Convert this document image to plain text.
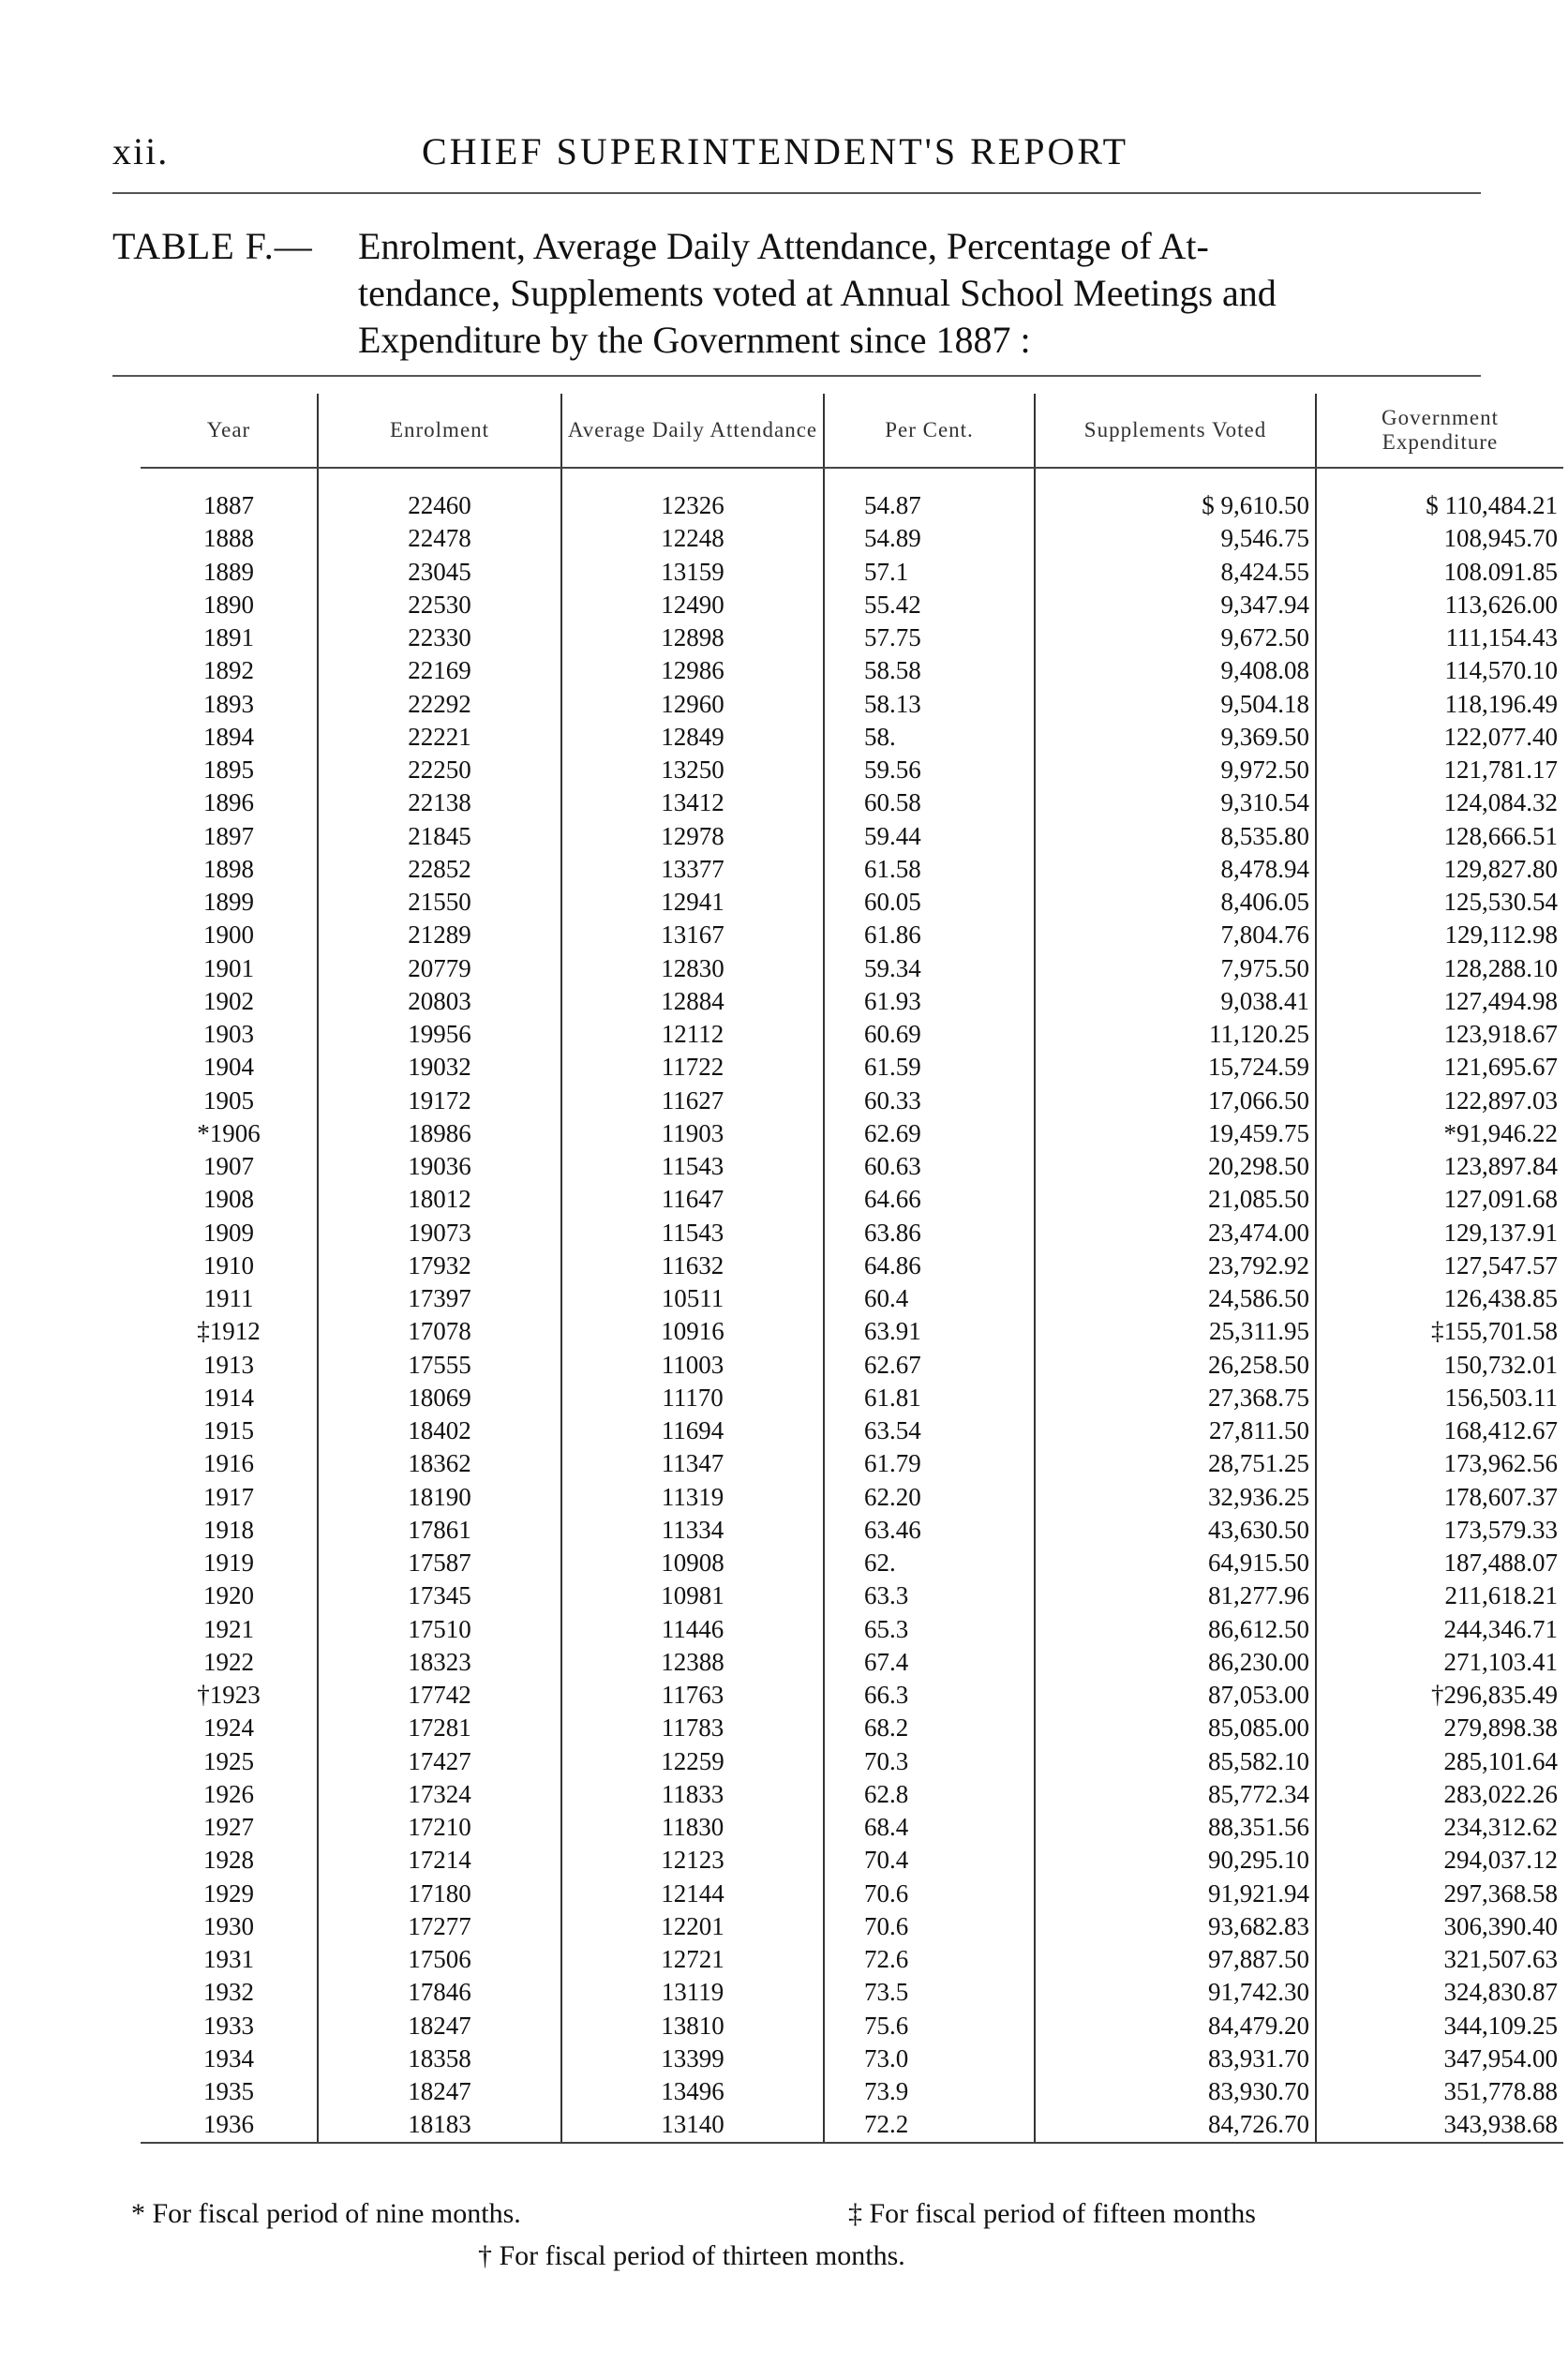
xii.	CHIEF SUPERINTENDENT'S REPORT
TABLE F.— Enrolment, Average Daily Attendance, Percentage of At-
tendance, Supplements voted at Annual School Meetings and
Expenditure by the Government since 1887 :
Year	Enrolment	Average Daily Attendance	Per Cent.	Supplements Voted	Government Expenditure
1887	22460	12326	54.87	$ 9,610.50	$ 110,484.21
1888	22478	12248	54.89	9,546.75	108,945.70
1889	23045	13159	57.1	8,424.55	108.091.85
1890	22530	12490	55.42	9,347.94	113,626.00
1891	22330	12898	57.75	9,672.50	111,154.43
1892	22169	12986	58.58	9,408.08	114,570.10
1893	22292	12960	58.13	9,504.18	118,196.49
1894	22221	12849	58.	9,369.50	122,077.40
1895	22250	13250	59.56	9,972.50	121,781.17
1896	22138	13412	60.58	9,310.54	124,084.32
1897	21845	12978	59.44	8,535.80	128,666.51
1898	22852	13377	61.58	8,478.94	129,827.80
1899	21550	12941	60.05	8,406.05	125,530.54
1900	21289	13167	61.86	7,804.76	129,112.98
1901	20779	12830	59.34	7,975.50	128,288.10
1902	20803	12884	61.93	9,038.41	127,494.98
1903	19956	12112	60.69	11,120.25	123,918.67
1904	19032	11722	61.59	15,724.59	121,695.67
1905	19172	11627	60.33	17,066.50	122,897.03
*1906	18986	11903	62.69	19,459.75	*91,946.22
1907	19036	11543	60.63	20,298.50	123,897.84
1908	18012	11647	64.66	21,085.50	127,091.68
1909	19073	11543	63.86	23,474.00	129,137.91
1910	17932	11632	64.86	23,792.92	127,547.57
1911	17397	10511	60.4	24,586.50	126,438.85
‡1912	17078	10916	63.91	25,311.95	‡155,701.58
1913	17555	11003	62.67	26,258.50	150,732.01
1914	18069	11170	61.81	27,368.75	156,503.11
1915	18402	11694	63.54	27,811.50	168,412.67
1916	18362	11347	61.79	28,751.25	173,962.56
1917	18190	11319	62.20	32,936.25	178,607.37
1918	17861	11334	63.46	43,630.50	173,579.33
1919	17587	10908	62.	64,915.50	187,488.07
1920	17345	10981	63.3	81,277.96	211,618.21
1921	17510	11446	65.3	86,612.50	244,346.71
1922	18323	12388	67.4	86,230.00	271,103.41
†1923	17742	11763	66.3	87,053.00	†296,835.49
1924	17281	11783	68.2	85,085.00	279,898.38
1925	17427	12259	70.3	85,582.10	285,101.64
1926	17324	11833	62.8	85,772.34	283,022.26
1927	17210	11830	68.4	88,351.56	234,312.62
1928	17214	12123	70.4	90,295.10	294,037.12
1929	17180	12144	70.6	91,921.94	297,368.58
1930	17277	12201	70.6	93,682.83	306,390.40
1931	17506	12721	72.6	97,887.50	321,507.63
1932	17846	13119	73.5	91,742.30	324,830.87
1933	18247	13810	75.6	84,479.20	344,109.25
1934	18358	13399	73.0	83,931.70	347,954.00
1935	18247	13496	73.9	83,930.70	351,778.88
1936	18183	13140	72.2	84,726.70	343,938.68
* For fiscal period of nine months.	‡ For fiscal period of fifteen months
† For fiscal period of thirteen months.
